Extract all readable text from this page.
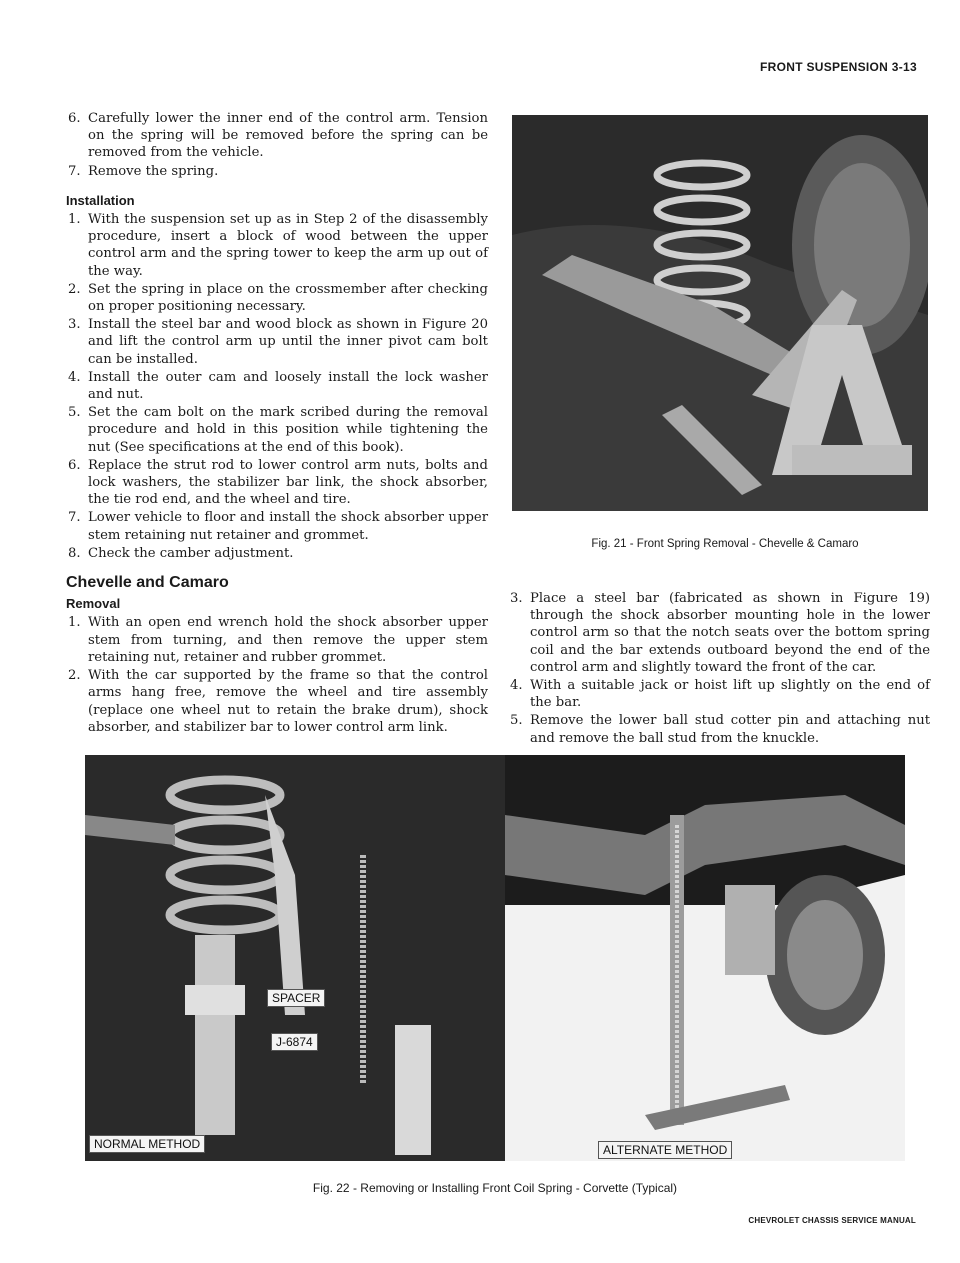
FRONT SUSPENSION 3-13
6. Carefully lower the inner end of the control arm. Tension on the spring will be removed before the spring can be removed from the vehicle.
7. Remove the spring.
Installation
1. With the suspension set up as in Step 2 of the disassembly procedure, insert a block of wood between the upper control arm and the spring tower to keep the arm up out of the way.
2. Set the spring in place on the crossmember after checking on proper positioning necessary.
3. Install the steel bar and wood block as shown in Figure 20 and lift the control arm up until the inner pivot cam bolt can be installed.
4. Install the outer cam and loosely install the lock washer and nut.
5. Set the cam bolt on the mark scribed during the removal procedure and hold in this position while tightening the nut (See specifications at the end of this book).
6. Replace the strut rod to lower control arm nuts, bolts and lock washers, the stabilizer bar link, the shock absorber, the tie rod end, and the wheel and tire.
7. Lower vehicle to floor and install the shock absorber upper stem retaining nut retainer and grommet.
8. Check the camber adjustment.
Chevelle and Camaro
Removal
1. With an open end wrench hold the shock absorber upper stem from turning, and then remove the upper stem retaining nut, retainer and rubber grommet.
2. With the car supported by the frame so that the control arms hang free, remove the wheel and tire assembly (replace one wheel nut to retain the brake drum), shock absorber, and stabilizer bar to lower control arm link.
Fig. 21 - Front Spring Removal - Chevelle & Camaro
3. Place a steel bar (fabricated as shown in Figure 19) through the shock absorber mounting hole in the lower control arm so that the notch seats over the bottom spring coil and the bar extends outboard beyond the end of the control arm and slightly toward the front of the car.
4. With a suitable jack or hoist lift up slightly on the end of the bar.
5. Remove the lower ball stud cotter pin and attaching nut and remove the ball stud from the knuckle.
NORMAL METHOD
SPACER
J-6874
ALTERNATE METHOD
Fig. 22 - Removing or Installing Front Coil Spring - Corvette (Typical)
CHEVROLET CHASSIS SERVICE MANUAL
